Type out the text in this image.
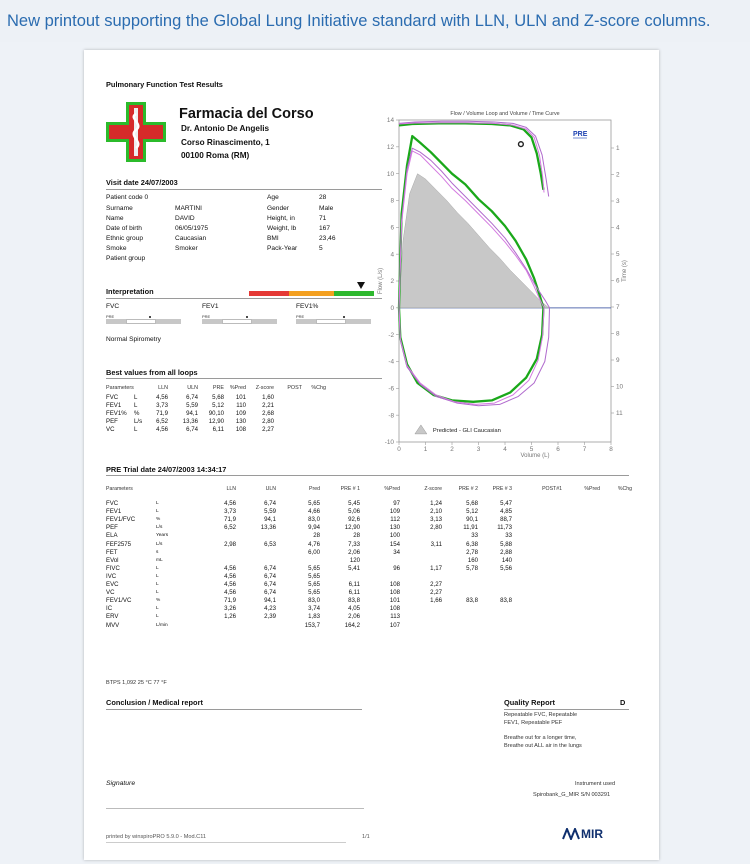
New printout supporting the Global Lung Initiative standard with LLN, ULN and Z-score columns.
Pulmonary Function Test Results
Farmacia del Corso
Dr. Antonio De Angelis
Corso Rinascimento, 1
00100 Roma (RM)
Visit date 24/07/2003
Patient code 0
Surname	MARTINI
Name	DAVID
Date of birth	06/05/1975
Ethnic group	Caucasian
Smoke	Smoker
Patient group
Age	28
Gender	Male
Height, in	71
Weight, lb	167
BMI	23,46
Pack-Year	5
Interpretation
FVC	FEV1	FEV1%
PRE	PRE	PRE
Normal Spirometry
Best values from all loops
Parameters		LLN	ULN	PRE	%Pred	Z-score	POST	%Chg
FVC	L	4,56	6,74	5,68	101	1,60		
FEV1	L	3,73	5,59	5,12	110	2,21		
FEV1%	%	71,9	94,1	90,10	109	2,68		
PEF	L/s	6,52	13,36	12,90	130	2,80		
VC	L	4,56	6,74	6,11	108	2,27		
Flow / Volume Loop and Volume / Time Curve
14
12
10
8
6
4
2
0
-2
-4
-6
-8
-10
0	1	2	3	4	5	6	7	8
1
2
3
4
5
6
7
8
9
10
11
Volume (L)
Flow (L/s)	Time (s)
PRE
Predicted - GLI Caucasian
PRE Trial date 24/07/2003 14:34:17
Parameters		LLN	ULN	Pred	PRE # 1	%Pred	Z-score	PRE # 2	PRE # 3	POST#1	%Pred	%Chg
FVC	L	4,56	6,74	5,65	5,45	97	1,24	5,68	5,47			
FEV1	L	3,73	5,59	4,66	5,06	109	2,10	5,12	4,85			
FEV1/FVC	%	71,9	94,1	83,0	92,6	112	3,13	90,1	88,7			
PEF	L/s	6,52	13,36	9,94	12,90	130	2,80	11,91	11,73			
ELA	Years			28	28	100		33	33			
FEF2575	L/s	2,98	6,53	4,76	7,33	154	3,11	6,38	5,88			
FET	s			6,00	2,06	34		2,78	2,88			
EVol	mL				120			160	140			
FIVC	L	4,56	6,74	5,65	5,41	96	1,17	5,78	5,56			
IVC	L	4,56	6,74	5,65								
EVC	L	4,56	6,74	5,65	6,11	108	2,27					
VC	L	4,56	6,74	5,65	6,11	108	2,27					
FEV1/VC	%	71,9	94,1	83,0	83,8	101	1,66	83,8	83,8			
IC	L	3,26	4,23	3,74	4,05	108						
ERV	L	1,26	2,39	1,83	2,06	113						
MVV	L/min			153,7	164,2	107						
BTPS 1,092 25 °C 77 °F
Conclusion / Medical report	Quality Report	D
Repeatable FVC, Repeatable
FEV1, Repeatable PEF
Breathe out for a longer time,
Breathe out ALL air in the lungs
Signature	Instrument used
Spirobank_G_MIR S/N 003291
printed by winspiroPRO 5.9.0 - Mod.C11	1/1	MIR
